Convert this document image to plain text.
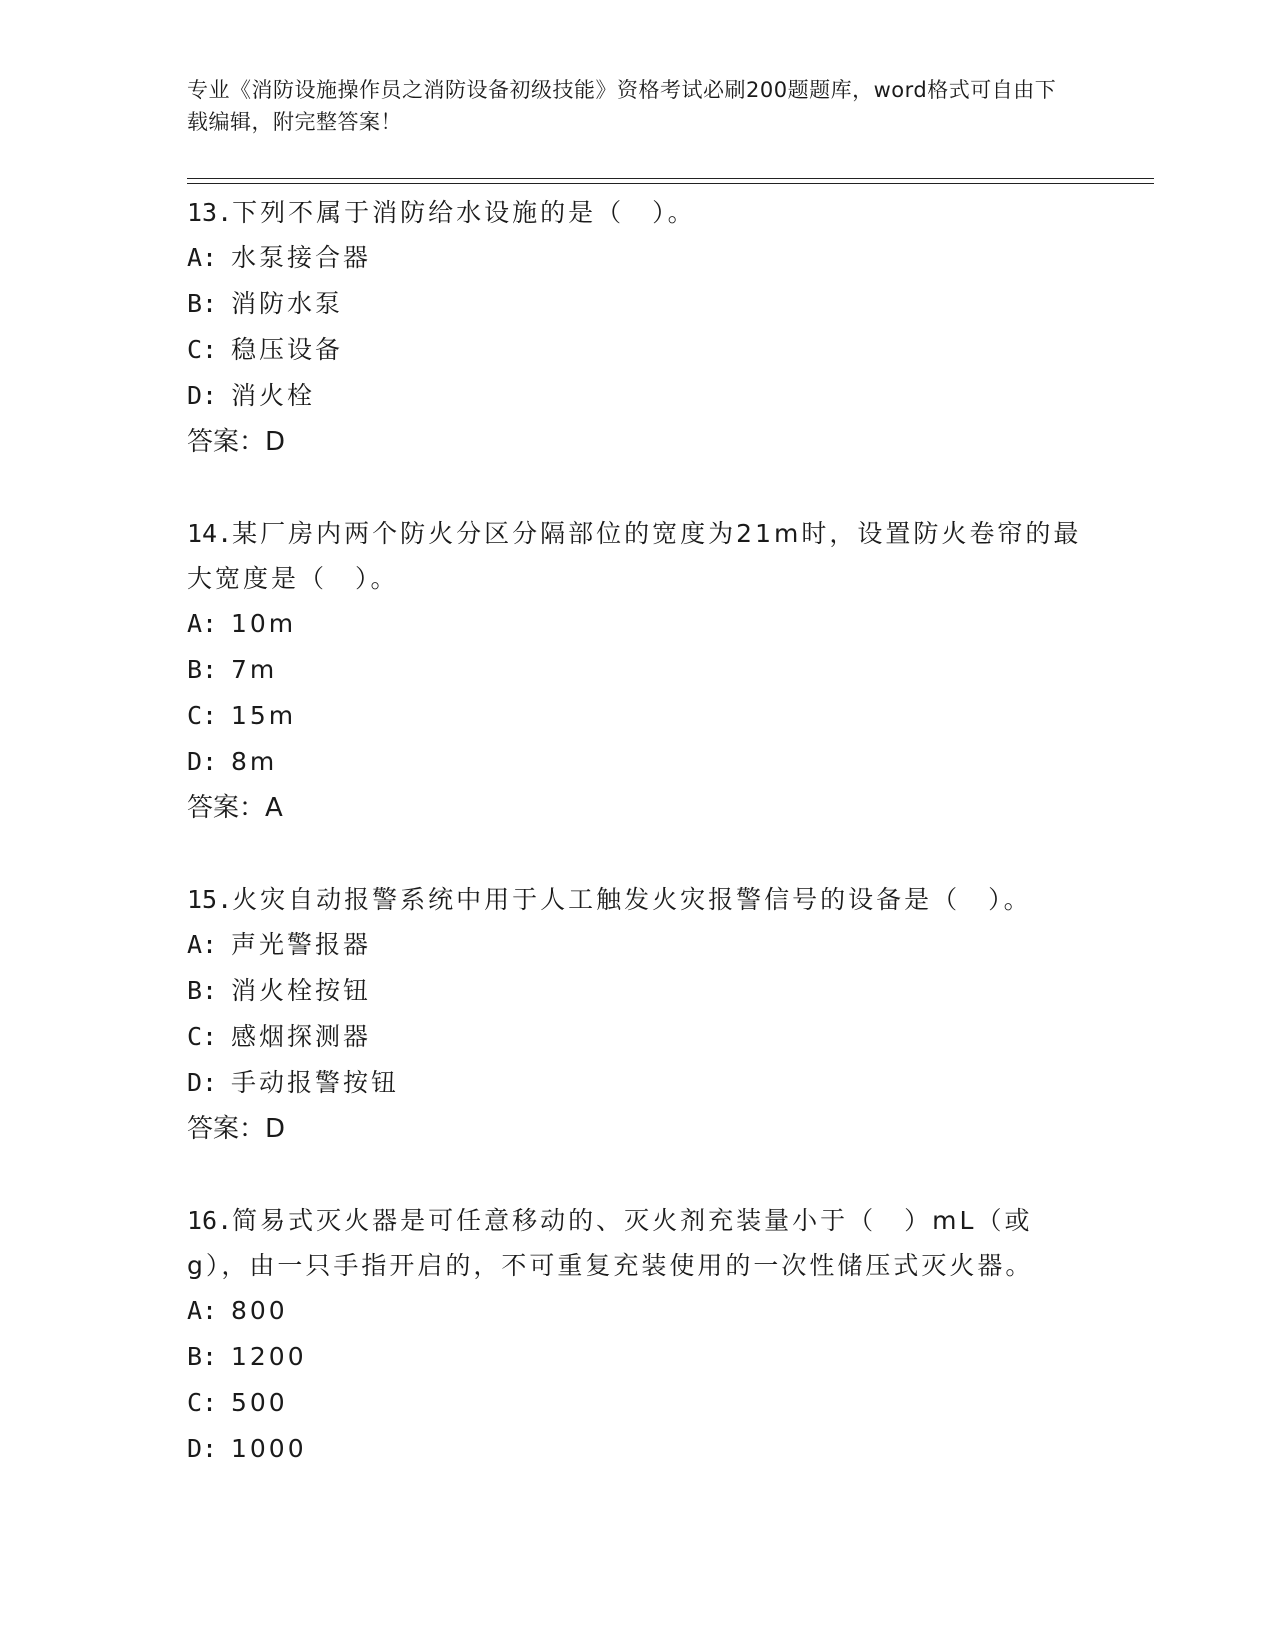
专业《消防设施操作员之消防设备初级技能》资格考试必刷200题题库，word格式可自由下载编辑，附完整答案！
13.下列不属于消防给水设施的是（　）。
A: 水泵接合器
B: 消防水泵
C: 稳压设备
D: 消火栓
答案：D
14.某厂房内两个防火分区分隔部位的宽度为21m时，设置防火卷帘的最大宽度是（　）。
A: 10m
B: 7m
C: 15m
D: 8m
答案：A
15.火灾自动报警系统中用于人工触发火灾报警信号的设备是（　）。
A: 声光警报器
B: 消火栓按钮
C: 感烟探测器
D: 手动报警按钮
答案：D
16.简易式灭火器是可任意移动的、灭火剂充装量小于（　）mL（或g），由一只手指开启的，不可重复充装使用的一次性储压式灭火器。
A: 800
B: 1200
C: 500
D: 1000
